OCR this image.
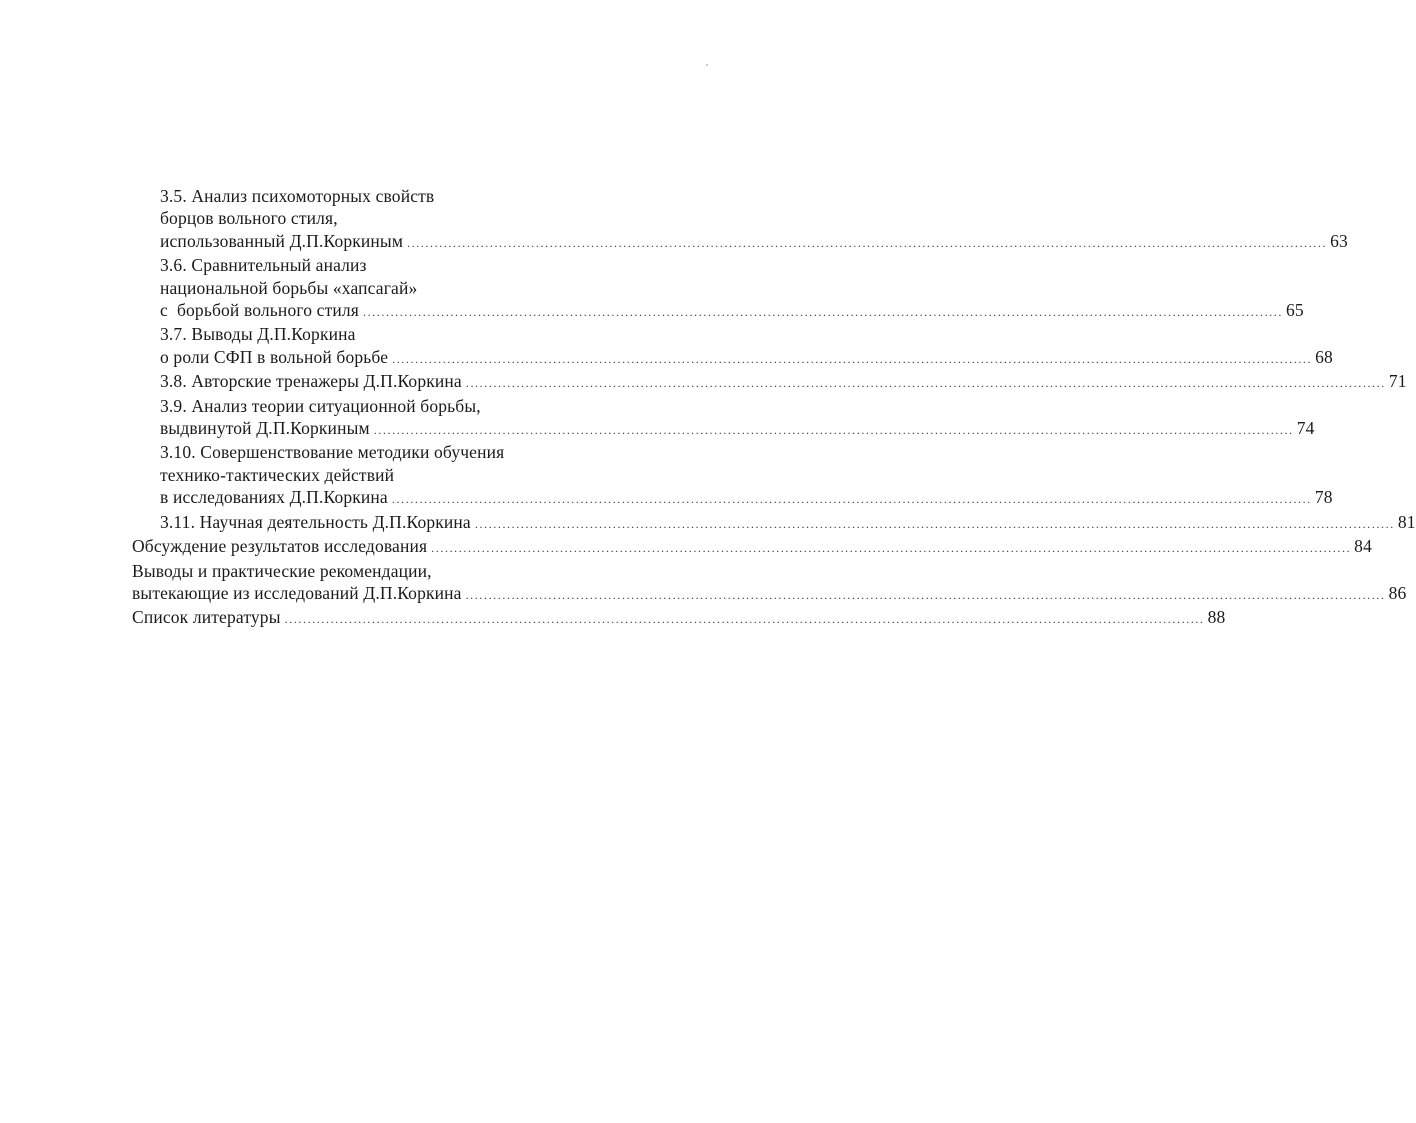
3.5. Анализ психомоторных свойств
борцов вольного стиля,
использованный Д.П.Коркиным ........................................................................................................................................................................................................ 63
3.6. Сравнительный анализ
национальной борьбы «хапсагай»
с  борьбой вольного стиля ........................................................................................................................................................................................................ 65
3.7. Выводы Д.П.Коркина
о роли СФП в вольной борьбе ........................................................................................................................................................................................................ 68
3.8. Авторские тренажеры Д.П.Коркина ........................................................................................................................................................................................................ 71
3.9. Анализ теории ситуационной борьбы,
выдвинутой Д.П.Коркиным ........................................................................................................................................................................................................ 74
3.10. Совершенствование методики обучения
технико-тактических действий
в исследованиях Д.П.Коркина ........................................................................................................................................................................................................ 78
3.11. Научная деятельность Д.П.Коркина ........................................................................................................................................................................................................ 81
Обсуждение результатов исследования ........................................................................................................................................................................................................ 84
Выводы и практические рекомендации,
вытекающие из исследований Д.П.Коркина ........................................................................................................................................................................................................ 86
Список литературы ........................................................................................................................................................................................................ 88
